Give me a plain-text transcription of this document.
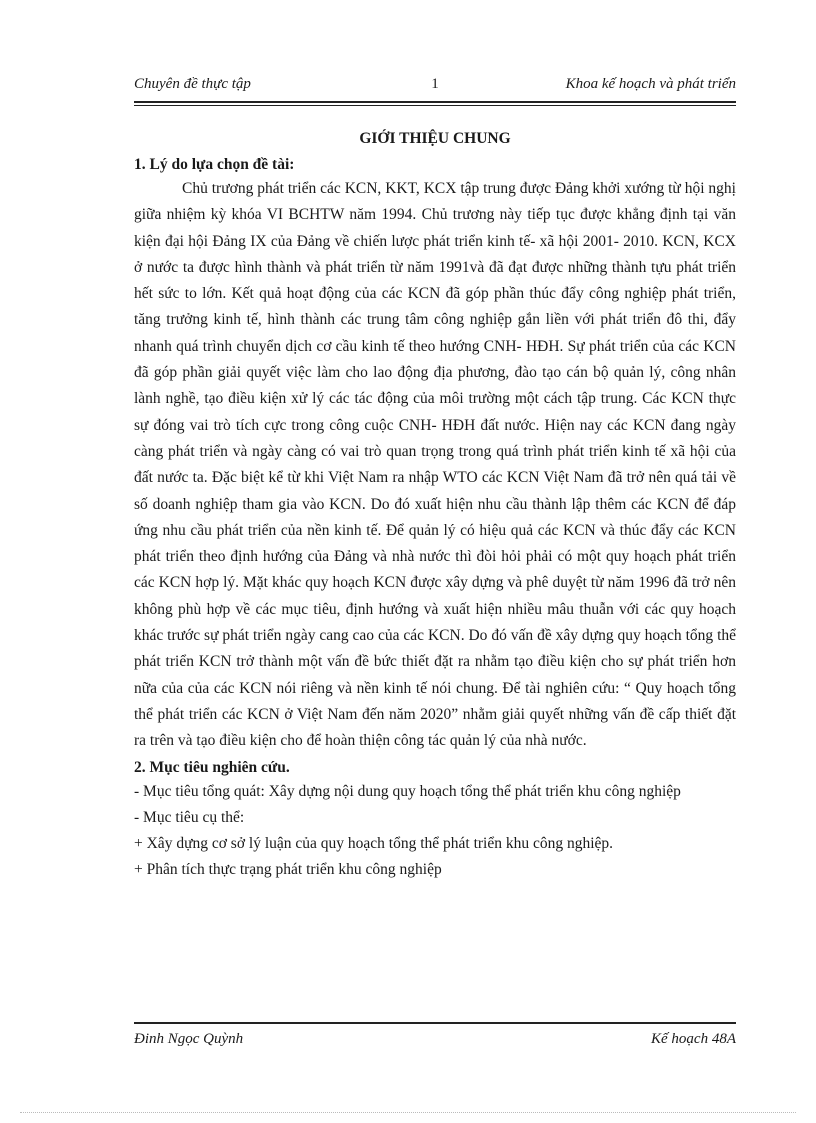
Chuyên đề thực tập	1	Khoa kế hoạch và phát triển

GIỚI THIỆU CHUNG

1. Lý do lựa chọn đề tài:

Chủ trương phát triển các KCN, KKT, KCX tập trung được Đảng khởi xướng từ hội nghị giữa nhiệm kỳ khóa VI BCHTW năm 1994. Chủ trương này tiếp tục được khẳng định tại văn kiện đại hội Đảng IX của Đảng về chiến lược phát triển kinh tế- xã hội 2001- 2010. KCN, KCX ở nước ta được hình thành và phát triển từ năm 1991và đã đạt được những thành tựu phát triển hết sức to lớn. Kết quả hoạt động của các KCN đã góp phần thúc đẩy công nghiệp phát triển, tăng trưởng kinh tế, hình thành các trung tâm công nghiệp gắn liền với phát triển đô thi, đẩy nhanh quá trình chuyển dịch cơ cầu kinh tế theo hướng CNH- HĐH. Sự phát triển của các KCN đã góp phần giải quyết việc làm cho lao động địa phương, đào tạo cán bộ quản lý, công nhân lành nghề, tạo điều kiện xử lý các tác động của môi trường một cách tập trung. Các KCN thực sự đóng vai trò tích cực trong công cuộc CNH- HĐH đất nước. Hiện nay các KCN đang ngày càng phát triển và ngày càng có vai trò quan trọng trong quá trình phát triển kinh tế xã hội của đất nước ta. Đặc biệt kể từ khi Việt Nam ra nhập WTO các KCN Việt Nam đã trở nên quá tải về số doanh nghiệp tham gia vào KCN. Do đó xuất hiện nhu cầu thành lập thêm các KCN để đáp ứng nhu cầu phát triển của nền kinh tế. Để quản lý có hiệu quả các KCN và thúc đẩy các KCN phát triển theo định hướng của Đảng và nhà nước thì đòi hỏi phải có một quy hoạch phát triển các KCN hợp lý. Mặt khác quy hoạch KCN được xây dựng và phê duyệt từ năm 1996 đã trở nên không phù hợp về các mục tiêu, định hướng và xuất hiện nhiều mâu thuẫn với các quy hoạch khác trước sự phát triển ngày cang cao của các KCN. Do đó vấn đề xây dựng quy hoạch tổng thể phát triển KCN trở thành một vấn đề bức thiết đặt ra nhằm tạo điều kiện cho sự phát triển hơn nữa của của các KCN nói riêng và nền kinh tế nói chung. Để tài nghiên cứu: “ Quy hoạch tổng thể phát triển các KCN ở Việt Nam đến năm 2020” nhằm giải quyết những vấn đề cấp thiết đặt ra trên và tạo điều kiện cho để hoàn thiện công tác quản lý của nhà nước.

2. Mục tiêu nghiên cứu.

- Mục tiêu tổng quát: Xây dựng nội dung quy hoạch tổng thể phát triển khu công nghiệp

- Mục tiêu cụ thể:

+ Xây dựng cơ sở lý luận của quy hoạch tổng thể phát triển khu công nghiệp.

+ Phân tích thực trạng phát triển khu công nghiệp

Đinh Ngọc Quỳnh	Kế hoạch 48A
